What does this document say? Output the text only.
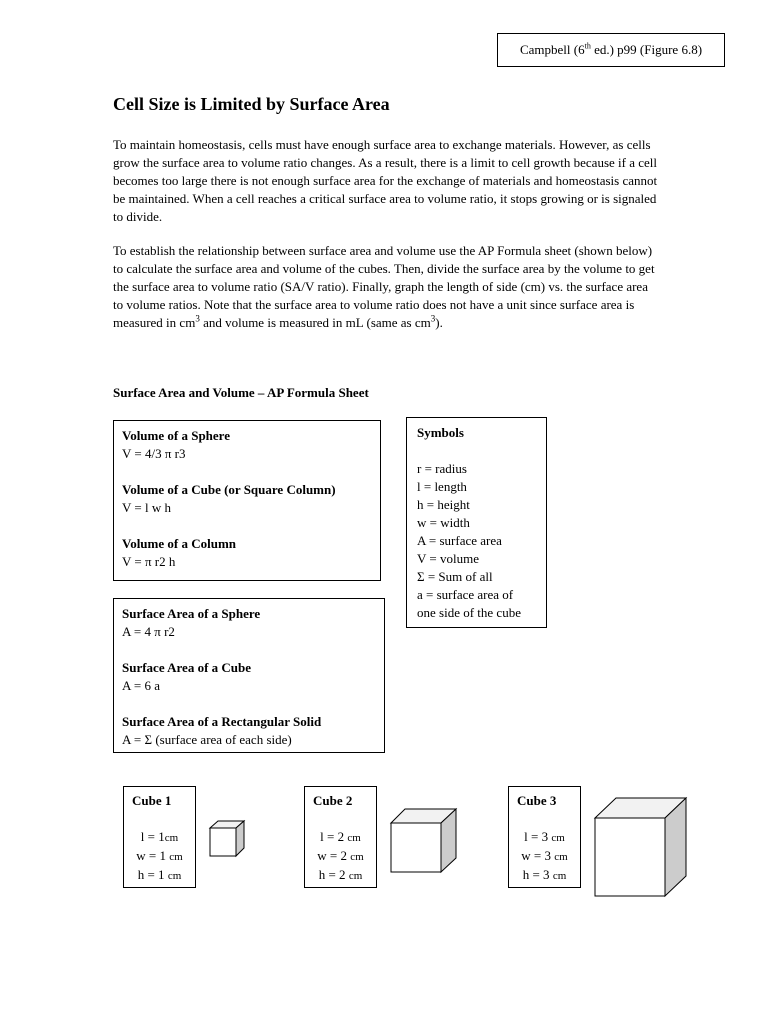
Campbell (6th ed.) p99 (Figure 6.8)
Cell Size is Limited by Surface Area

To maintain homeostasis, cells must have enough surface area to exchange materials. However, as cells grow the surface area to volume ratio changes. As a result, there is a limit to cell growth because if a cell becomes too large there is not enough surface area for the exchange of materials and homeostasis cannot be maintained. When a cell reaches a critical surface area to volume ratio, it stops growing or is signaled to divide.

To establish the relationship between surface area and volume use the AP Formula sheet (shown below) to calculate the surface area and volume of the cubes. Then, divide the surface area by the volume to get the surface area to volume ratio (SA/V ratio). Finally, graph the length of side (cm) vs. the surface area to volume ratios. Note that the surface area to volume ratio does not have a unit since surface area is measured in $cm^3$ and volume is measured in mL (same as $cm^3$).

Surface Area and Volume – AP Formula Sheet

Volume of a Sphere
V = 4/3 π r3
Volume of a Cube (or Square Column)
V = l w h
Volume of a Column
V = π r2 h
Surface Area of a Sphere
A = 4 π r2
Surface Area of a Cube
A = 6 a
Surface Area of a Rectangular Solid
A = Σ (surface area of each side)
Symbols
r = radius
l = length
h = height
w = width
A = surface area
V = volume
Σ = Sum of all
a = surface area of
one side of the cube
Cube 1
l = 1cm
w = 1 cm
h = 1 cm
Cube 2
l = 2 cm
w = 2 cm
h = 2 cm
Cube 3
l = 3 cm
w = 3 cm
h = 3 cm
